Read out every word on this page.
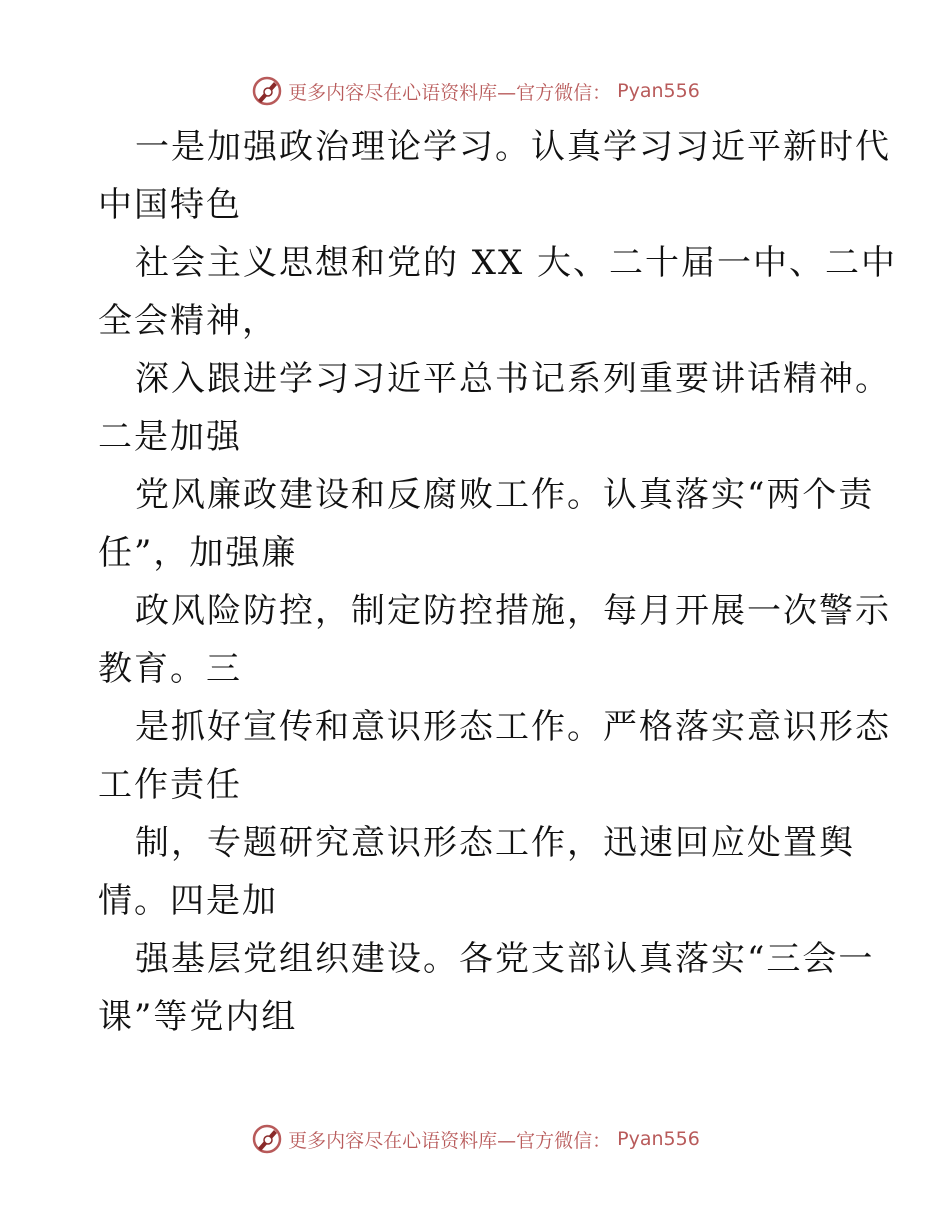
更多内容尽在心语资料库—官方微信： Pyan556
一是加强政治理论学习。认真学习习近平新时代
中国特色
社会主义思想和党的 XX 大、二十届一中、二中
全会精神，
深入跟进学习习近平总书记系列重要讲话精神。
二是加强
党风廉政建设和反腐败工作。认真落实“两个责
任”，加强廉
政风险防控，制定防控措施，每月开展一次警示
教育。三
是抓好宣传和意识形态工作。严格落实意识形态
工作责任
制，专题研究意识形态工作，迅速回应处置舆
情。四是加
强基层党组织建设。各党支部认真落实“三会一
课”等党内组
更多内容尽在心语资料库—官方微信： Pyan556
